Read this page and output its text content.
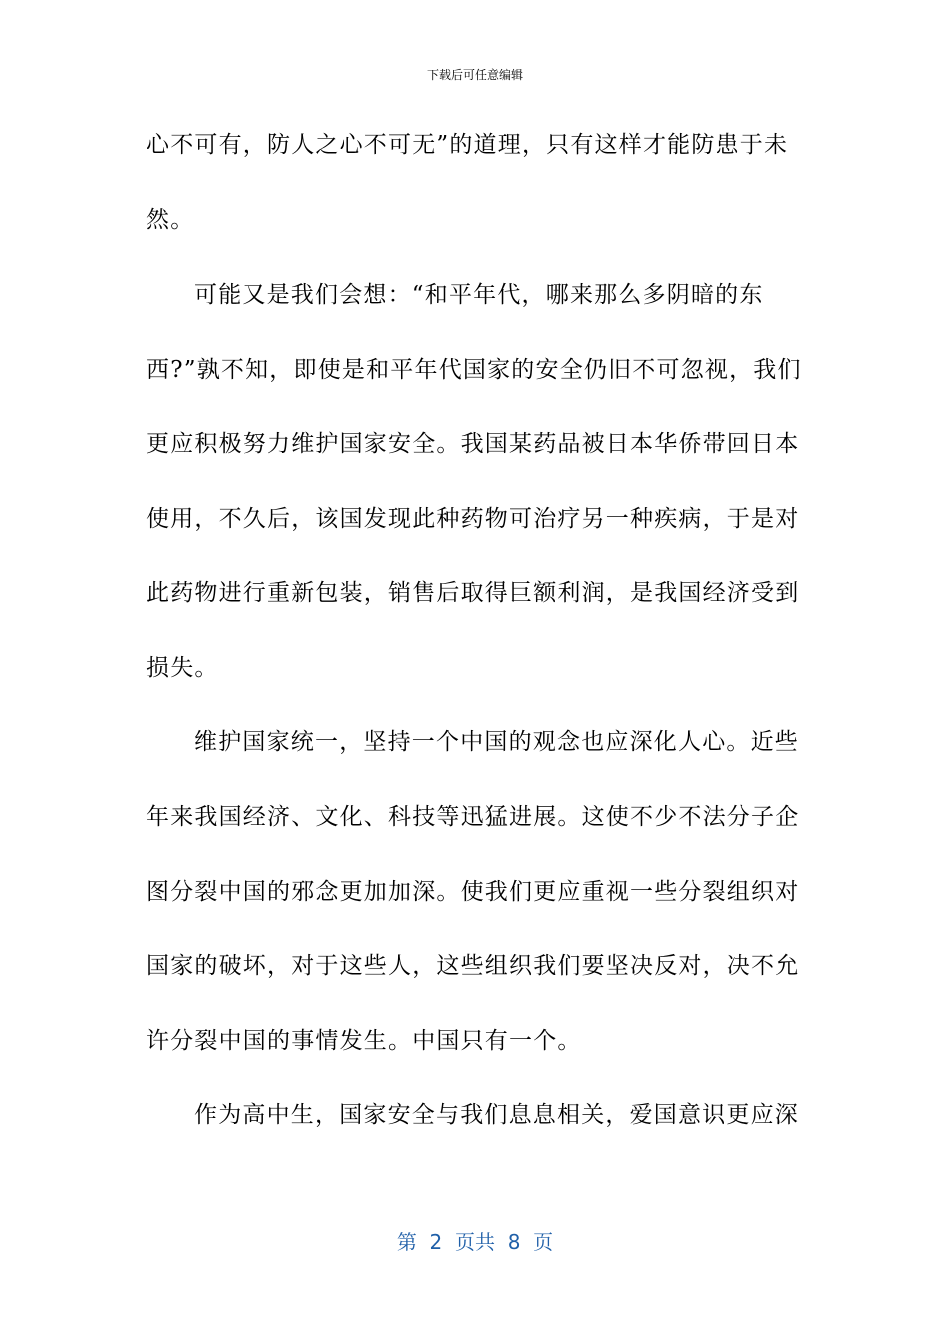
下载后可任意编辑
心不可有，防人之心不可无”的道理，只有这样才能防患于未
然。
可能又是我们会想：“和平年代，哪来那么多阴暗的东
西?”孰不知，即使是和平年代国家的安全仍旧不可忽视，我们
更应积极努力维护国家安全。我国某药品被日本华侨带回日本
使用，不久后，该国发现此种药物可治疗另一种疾病，于是对
此药物进行重新包装，销售后取得巨额利润，是我国经济受到
损失。
维护国家统一，坚持一个中国的观念也应深化人心。近些
年来我国经济、文化、科技等迅猛进展。这使不少不法分子企
图分裂中国的邪念更加加深。使我们更应重视一些分裂组织对
国家的破坏，对于这些人，这些组织我们要坚决反对，决不允
许分裂中国的事情发生。中国只有一个。
作为高中生，国家安全与我们息息相关，爱国意识更应深
第  2  页共  8  页
